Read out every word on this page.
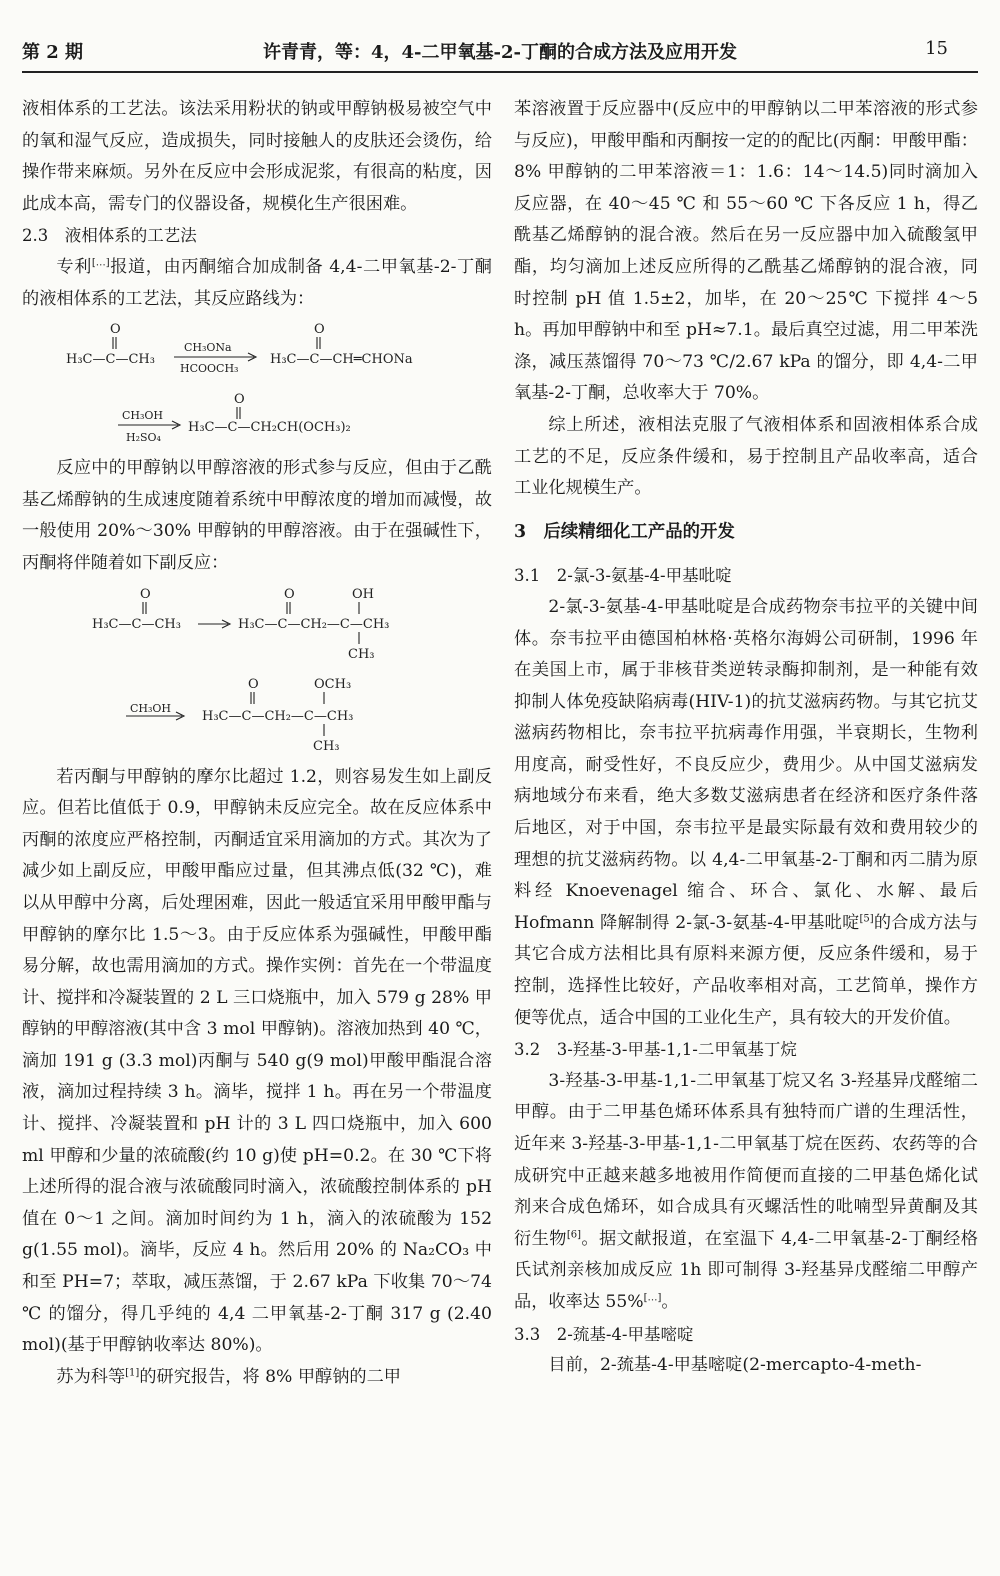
第 2 期	许青青，等：4，4-二甲氧基-2-丁酮的合成方法及应用开发	15

液相体系的工艺法。该法采用粉状的钠或甲醇钠极易被空气中的氧和湿气反应，造成损失，同时接触人的皮肤还会烫伤，给操作带来麻烦。另外在反应中会形成泥浆，有很高的粘度，因此成本高，需专门的仪器设备，规模化生产很困难。

2.3　液相体系的工艺法

专利[…]报道，由丙酮缩合加成制备 4,4-二甲氧基-2-丁酮的液相体系的工艺法，其反应路线为：

O
H₃C—C—CH₃
CH₃ONa
HCOOCH₃
O
H₃C—C—CH═CHONa
O
CH₃OH
H₂SO₄
H₃C—C—CH₂CH(OCH₃)₂

反应中的甲醇钠以甲醇溶液的形式参与反应，但由于乙酰基乙烯醇钠的生成速度随着系统中甲醇浓度的增加而减慢，故一般使用 20%～30% 甲醇钠的甲醇溶液。由于在强碱性下，丙酮将伴随着如下副反应：

O
H₃C—C—CH₃
O	OH
H₃C—C—CH₂—C—CH₃
CH₃
O	OCH₃
CH₃OH
H₃C—C—CH₂—C—CH₃
CH₃

若丙酮与甲醇钠的摩尔比超过 1.2，则容易发生如上副反应。但若比值低于 0.9，甲醇钠未反应完全。故在反应体系中丙酮的浓度应严格控制，丙酮适宜采用滴加的方式。其次为了减少如上副反应，甲酸甲酯应过量，但其沸点低(32 ℃)，难以从甲醇中分离，后处理困难，因此一般适宜采用甲酸甲酯与甲醇钠的摩尔比 1.5～3。由于反应体系为强碱性，甲酸甲酯易分解，故也需用滴加的方式。操作实例：首先在一个带温度计、搅拌和冷凝装置的 2 L 三口烧瓶中，加入 579 g 28% 甲醇钠的甲醇溶液(其中含 3 mol 甲醇钠)。溶液加热到 40 ℃，滴加 191 g (3.3 mol)丙酮与 540 g(9 mol)甲酸甲酯混合溶液，滴加过程持续 3 h。滴毕，搅拌 1 h。再在另一个带温度计、搅拌、冷凝装置和 pH 计的 3 L 四口烧瓶中，加入 600 ml 甲醇和少量的浓硫酸(约 10 g)使 pH=0.2。在 30 ℃下将上述所得的混合液与浓硫酸同时滴入，浓硫酸控制体系的 pH 值在 0～1 之间。滴加时间约为 1 h，滴入的浓硫酸为 152 g(1.55 mol)。滴毕，反应 4 h。然后用 20% 的 Na₂CO₃ 中和至 PH=7；萃取，减压蒸馏，于 2.67 kPa 下收集 70～74 ℃ 的馏分，得几乎纯的 4,4 二甲氧基-2-丁酮 317 g (2.40 mol)(基于甲醇钠收率达 80%)。

苏为科等[1]的研究报告，将 8% 甲醇钠的二甲

苯溶液置于反应器中(反应中的甲醇钠以二甲苯溶液的形式参与反应)，甲酸甲酯和丙酮按一定的的配比(丙酮：甲酸甲酯：8% 甲醇钠的二甲苯溶液＝1：1.6：14～14.5)同时滴加入反应器，在 40～45 ℃ 和 55～60 ℃ 下各反应 1 h，得乙酰基乙烯醇钠的混合液。然后在另一反应器中加入硫酸氢甲酯，均匀滴加上述反应所得的乙酰基乙烯醇钠的混合液，同时控制 pH 值 1.5±2，加毕，在 20～25℃ 下搅拌 4～5 h。再加甲醇钠中和至 pH≈7.1。最后真空过滤，用二甲苯洗涤，减压蒸馏得 70～73 ℃/2.67 kPa 的馏分，即 4,4-二甲氧基-2-丁酮，总收率大于 70%。

综上所述，液相法克服了气液相体系和固液相体系合成工艺的不足，反应条件缓和，易于控制且产品收率高，适合工业化规模生产。

3　后续精细化工产品的开发

3.1　2-氯-3-氨基-4-甲基吡啶

2-氯-3-氨基-4-甲基吡啶是合成药物奈韦拉平的关键中间体。奈韦拉平由德国柏林格·英格尔海姆公司研制，1996 年在美国上市，属于非核苷类逆转录酶抑制剂，是一种能有效抑制人体免疫缺陷病毒(HIV-1)的抗艾滋病药物。与其它抗艾滋病药物相比，奈韦拉平抗病毒作用强，半衰期长，生物利用度高，耐受性好，不良反应少，费用少。从中国艾滋病发病地域分布来看，绝大多数艾滋病患者在经济和医疗条件落后地区，对于中国，奈韦拉平是最实际最有效和费用较少的理想的抗艾滋病药物。以 4,4-二甲氧基-2-丁酮和丙二腈为原料经 Knoevenagel 缩合、环合、氯化、水解、最后 Hofmann 降解制得 2-氯-3-氨基-4-甲基吡啶[5]的合成方法与其它合成方法相比具有原料来源方便，反应条件缓和，易于控制，选择性比较好，产品收率相对高，工艺简单，操作方便等优点，适合中国的工业化生产，具有较大的开发价值。

3.2　3-羟基-3-甲基-1,1-二甲氧基丁烷

3-羟基-3-甲基-1,1-二甲氧基丁烷又名 3-羟基异戊醛缩二甲醇。由于二甲基色烯环体系具有独特而广谱的生理活性，近年来 3-羟基-3-甲基-1,1-二甲氧基丁烷在医药、农药等的合成研究中正越来越多地被用作简便而直接的二甲基色烯化试剂来合成色烯环，如合成具有灭螺活性的吡喃型异黄酮及其衍生物[6]。据文献报道，在室温下 4,4-二甲氧基-2-丁酮经格氏试剂亲核加成反应 1h 即可制得 3-羟基异戊醛缩二甲醇产品，收率达 55%[…]。

3.3　2-巯基-4-甲基嘧啶

目前，2-巯基-4-甲基嘧啶(2-mercapto-4-meth-
